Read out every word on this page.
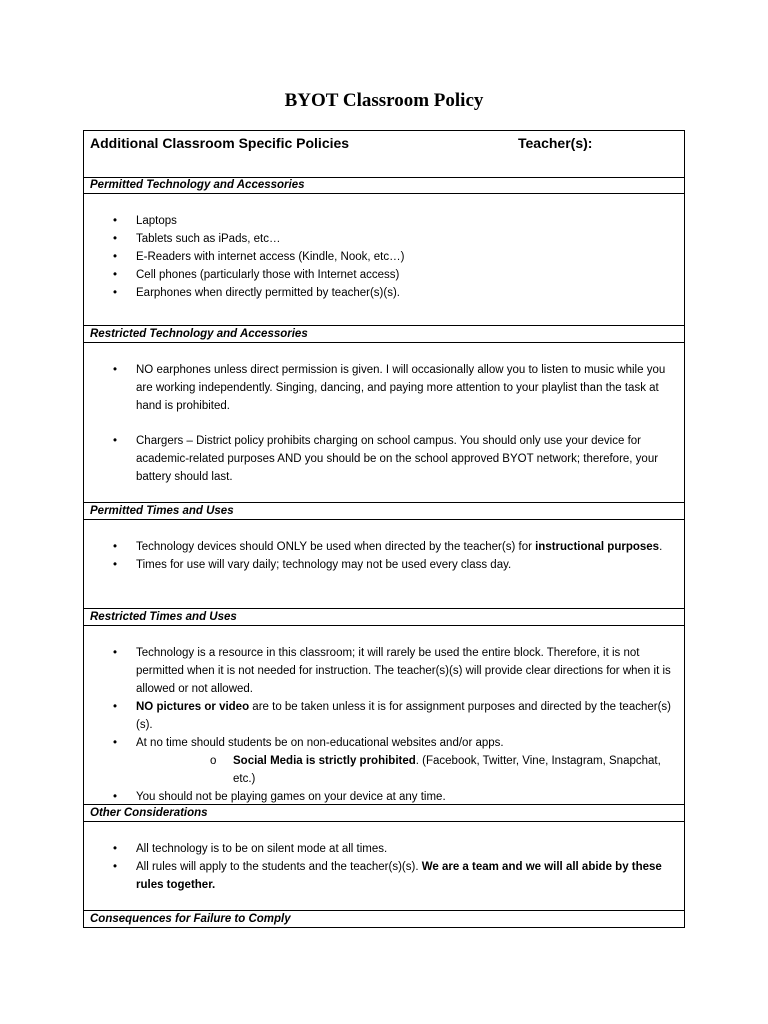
BYOT Classroom Policy
Additional Classroom Specific Policies	Teacher(s):
Permitted Technology and Accessories
• Laptops
• Tablets such as iPads, etc…
• E-Readers with internet access (Kindle, Nook, etc…)
• Cell phones (particularly those with Internet access)
• Earphones when directly permitted by teacher(s)(s).
Restricted Technology and Accessories
• NO earphones unless direct permission is given. I will occasionally allow you to listen to music while you are working independently. Singing, dancing, and paying more attention to your playlist than the task at hand is prohibited.
• Chargers – District policy prohibits charging on school campus. You should only use your device for academic-related purposes AND you should be on the school approved BYOT network; therefore, your battery should last.
Permitted Times and Uses
• Technology devices should ONLY be used when directed by the teacher(s) for instructional purposes.
• Times for use will vary daily; technology may not be used every class day.
Restricted Times and Uses
• Technology is a resource in this classroom; it will rarely be used the entire block. Therefore, it is not permitted when it is not needed for instruction. The teacher(s)(s) will provide clear directions for when it is allowed or not allowed.
• NO pictures or video are to be taken unless it is for assignment purposes and directed by the teacher(s)(s).
• At no time should students be on non-educational websites and/or apps.
o Social Media is strictly prohibited. (Facebook, Twitter, Vine, Instagram, Snapchat, etc.)
• You should not be playing games on your device at any time.
Other Considerations
• All technology is to be on silent mode at all times.
• All rules will apply to the students and the teacher(s)(s). We are a team and we will all abide by these rules together.
Consequences for Failure to Comply
